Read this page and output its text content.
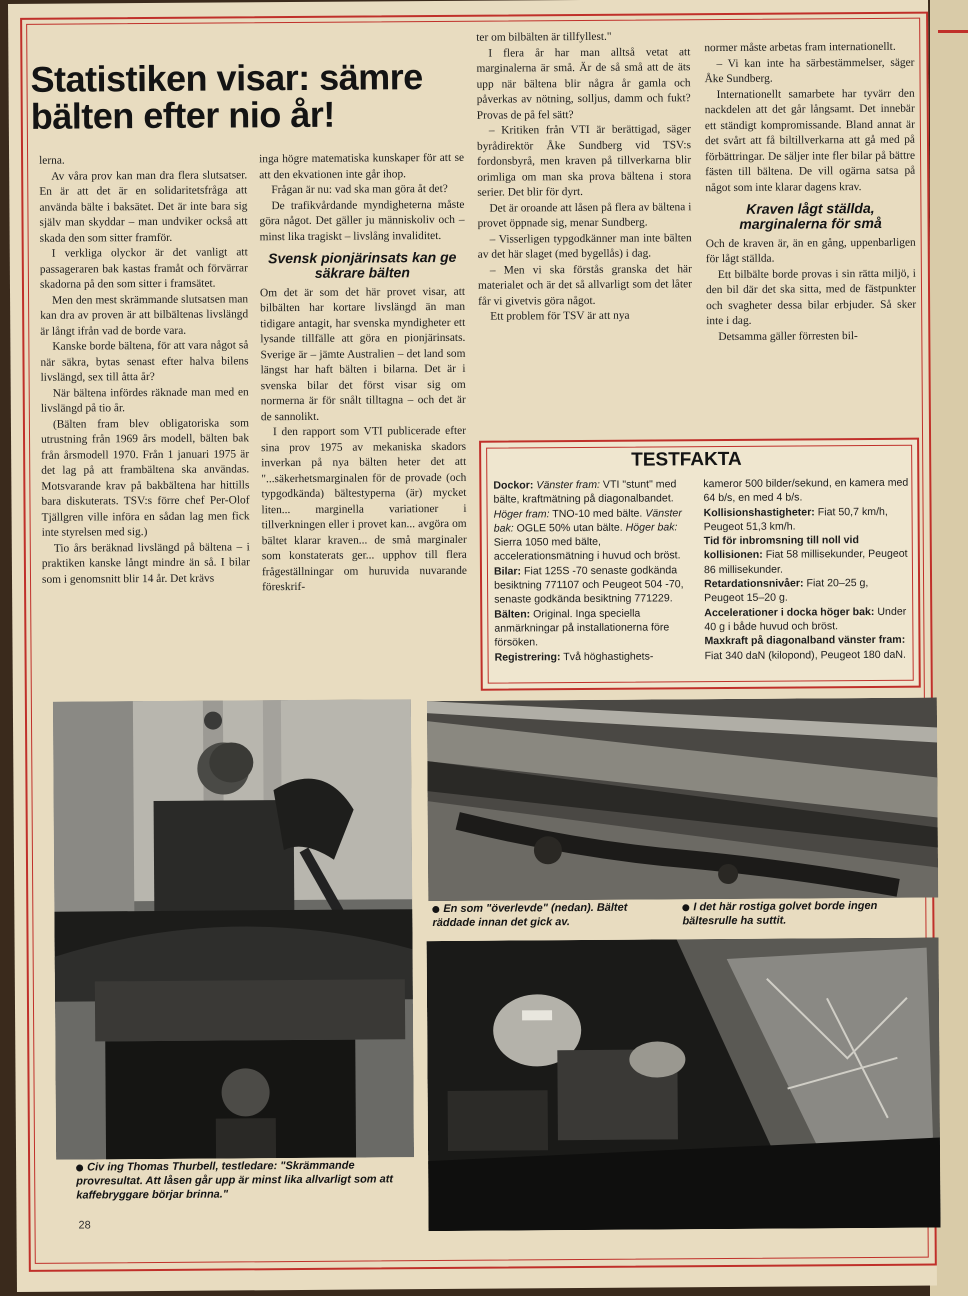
Statistiken visar: sämre bälten efter nio år!

lerna.

Av våra prov kan man dra flera slutsatser. En är att det är en solidaritetsfråga att använda bälte i baksätet. Det är inte bara sig själv man skyddar – man undviker också att skada den som sitter framför.

I verkliga olyckor är det vanligt att passageraren bak kastas framåt och förvärrar skadorna på den som sitter i framsätet.

Men den mest skrämmande slutsatsen man kan dra av proven är att bilbältenas livslängd är långt ifrån vad de borde vara.

Kanske borde bältena, för att vara något så när säkra, bytas senast efter halva bilens livslängd, sex till åtta år?

När bältena infördes räknade man med en livslängd på tio år.

(Bälten fram blev obligatoriska som utrustning från 1969 års modell, bälten bak från årsmodell 1970. Från 1 januari 1975 är det lag på att frambältena ska användas. Motsvarande krav på bakbältena har hittills bara diskuterats. TSV:s förre chef Per-Olof Tjällgren ville införa en sådan lag men fick inte styrelsen med sig.)

Tio års beräknad livslängd på bältena – i praktiken kanske långt mindre än så. I bilar som i genomsnitt blir 14 år. Det krävs

inga högre matematiska kunskaper för att se att den ekvationen inte går ihop.

Frågan är nu: vad ska man göra åt det?

De trafikvårdande myndigheterna måste göra något. Det gäller ju människoliv och – minst lika tragiskt – livslång invaliditet.

Svensk pionjärinsats kan ge säkrare bälten

Om det är som det här provet visar, att bilbälten har kortare livslängd än man tidigare antagit, har svenska myndigheter ett lysande tillfälle att göra en pionjärinsats. Sverige är – jämte Australien – det land som längst har haft bälten i bilarna. Det är i svenska bilar det först visar sig om normerna är för snålt tilltagna – och det är de sannolikt.

I den rapport som VTI publicerade efter sina prov 1975 av mekaniska skadors inverkan på nya bälten heter det att "...säkerhetsmarginalen för de provade (och typgodkända) bältestyperna (är) mycket liten... marginella variationer i tillverkningen eller i provet kan... avgöra om bältet klarar kraven... de små marginaler som konstaterats ger... upphov till flera frågeställningar om huruvida nuvarande föreskrif-

ter om bilbälten är tillfyllest."

I flera år har man alltså vetat att marginalerna är små. Är de så små att de äts upp när bältena blir några år gamla och påverkas av nötning, solljus, damm och fukt? Provas de på fel sätt?

– Kritiken från VTI är berättigad, säger byrådirektör Åke Sundberg vid TSV:s fordonsbyrå, men kraven på tillverkarna blir orimliga om man ska prova bältena i stora serier. Det blir för dyrt.

Det är oroande att låsen på flera av bältena i provet öppnade sig, menar Sundberg.

– Visserligen typgodkänner man inte bälten av det här slaget (med bygellås) i dag.

– Men vi ska förstås granska det här materialet och är det så allvarligt som det låter får vi givetvis göra något.

Ett problem för TSV är att nya

normer måste arbetas fram internationellt.

– Vi kan inte ha särbestämmelser, säger Åke Sundberg.

Internationellt samarbete har tyvärr den nackdelen att det går långsamt. Det innebär ett ständigt kompromissande. Bland annat är det svårt att få biltillverkarna att gå med på förbättringar. De säljer inte fler bilar på bättre fästen till bältena. De vill ogärna satsa på något som inte klarar dagens krav.

Kraven lågt ställda, marginalerna för små

Och de kraven är, än en gång, uppenbarligen för lågt ställda.

Ett bilbälte borde provas i sin rätta miljö, i den bil där det ska sitta, med de fästpunkter och svagheter dessa bilar erbjuder. Så sker inte i dag.

Detsamma gäller förresten bil-

TESTFAKTA

Dockor: Vänster fram: VTI "stunt" med bälte, kraftmätning på diagonalbandet. Höger fram: TNO-10 med bälte. Vänster bak: OGLE 50% utan bälte. Höger bak: Sierra 1050 med bälte, accelerationsmätning i huvud och bröst.

Bilar: Fiat 125S -70 senaste godkända besiktning 771107 och Peugeot 504 -70, senaste godkända besiktning 771229.

Bälten: Original. Inga speciella anmärkningar på installationerna före försöken.

Registrering: Två höghastighets-

kameror 500 bilder/sekund, en kamera med 64 b/s, en med 4 b/s.

Kollisionshastigheter: Fiat 50,7 km/h, Peugeot 51,3 km/h.

Tid för inbromsning till noll vid kollisionen: Fiat 58 millisekunder, Peugeot 86 millisekunder.

Retardationsnivåer: Fiat 20–25 g, Peugeot 15–20 g.

Accelerationer i docka höger bak: Under 40 g i både huvud och bröst.

Maxkraft på diagonalband vänster fram: Fiat 340 daN (kilopond), Peugeot 180 daN.

Civ ing Thomas Thurbell, testledare: "Skrämmande provresultat. Att låsen går upp är minst lika allvarligt som att kaffebryggare börjar brinna."
En som "överlevde" (nedan). Bältet räddade innan det gick av.
I det här rostiga golvet borde ingen bältesrulle ha suttit.
28
